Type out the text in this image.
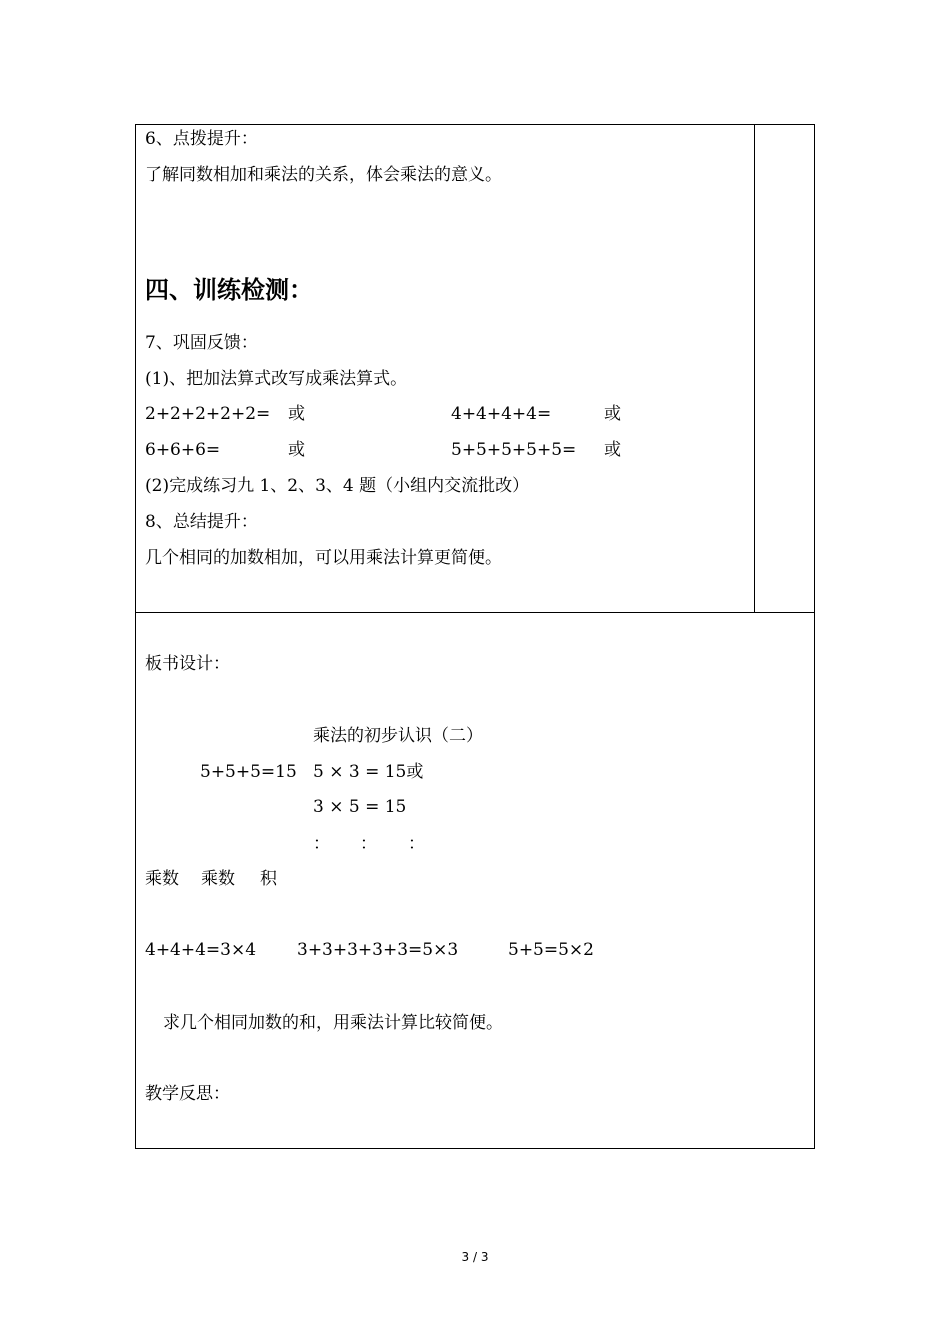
6、点拨提升：
了解同数相加和乘法的关系，体会乘法的意义。
四、训练检测：
7、巩固反馈：
(1)、把加法算式改写成乘法算式。
2+2+2+2+2= 或	4+4+4+4=	或
6+6+6=	或	5+5+5+5+5= 或
(2)完成练习九 1、2、3、4 题（小组内交流批改）
8、总结提升：
几个相同的加数相加，可以用乘法计算更简便。
板书设计：
乘法的初步认识（二）
5+5+5=15 5 × 3 = 15或
3 × 5 = 15
： ： ：
乘数 乘数 积
4+4+4=3×4 3+3+3+3+3=5×3	5+5=5×2
求几个相同加数的和，用乘法计算比较简便。
教学反思：
3 / 3
